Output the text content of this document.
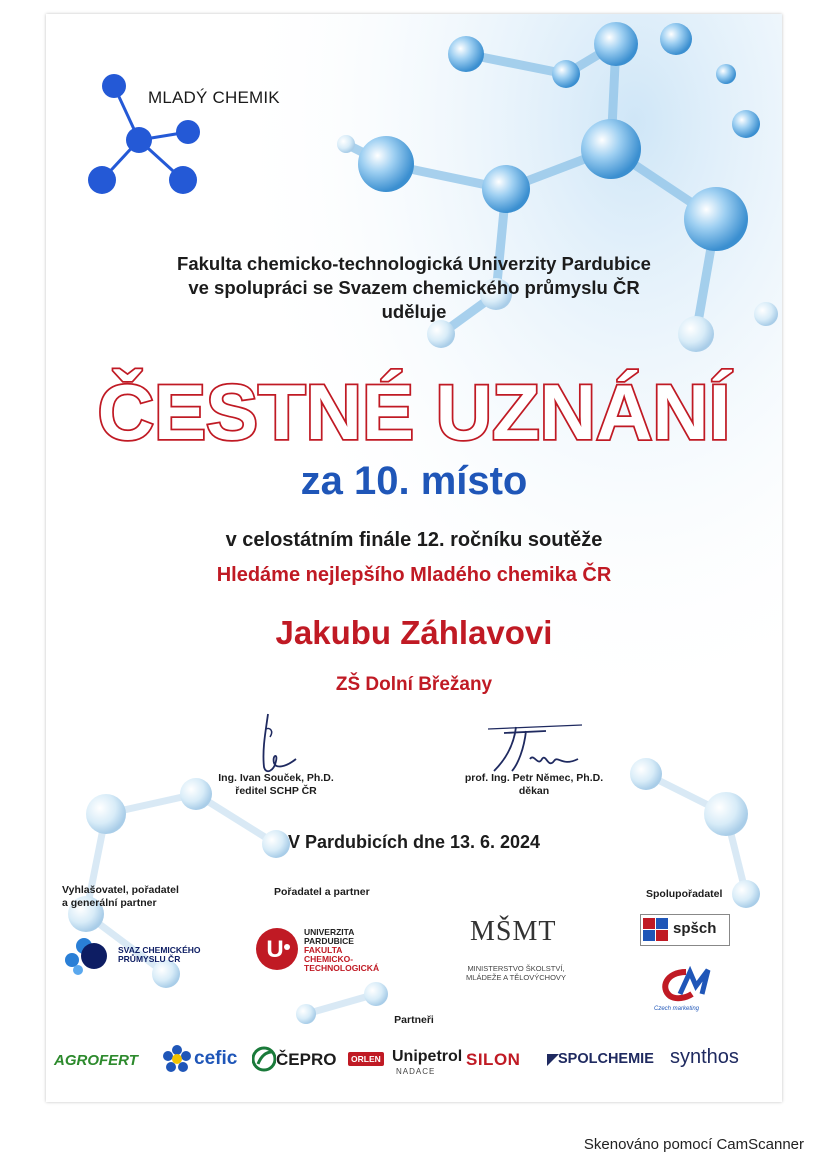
MLADÝ CHEMIK
Fakulta chemicko-technologická Univerzity Pardubice
ve spolupráci se Svazem chemického průmyslu ČR
uděluje
ČESTNÉ UZNÁNÍ
za 10. místo
v celostátním finále 12. ročníku soutěže
Hledáme nejlepšího Mladého chemika ČR
Jakubu Záhlavovi
ZŠ Dolní Břežany
Ing. Ivan Souček, Ph.D.
ředitel SCHP ČR
prof. Ing. Petr Němec, Ph.D.
děkan
V Pardubicích dne 13. 6. 2024
Vyhlašovatel, pořadatel
a generální partner
Pořadatel a partner	Spolupořadatel
SVAZ CHEMICKÉHO
PRŮMYSLU ČR	U
UNIVERZITA
PARDUBICE
FAKULTA
CHEMICKO-
TECHNOLOGICKÁ
MŠMT
MINISTERSTVO ŠKOLSTVÍ,
MLÁDEŽE A TĚLOVÝCHOVY
spšch
Czech marketing
Partneři
AGROFERT	cefic ČEPRO	ORLEN Unipetrol
NADACE
SILON	SPOLCHEMIE synthos
Skenováno pomocí CamScanner
